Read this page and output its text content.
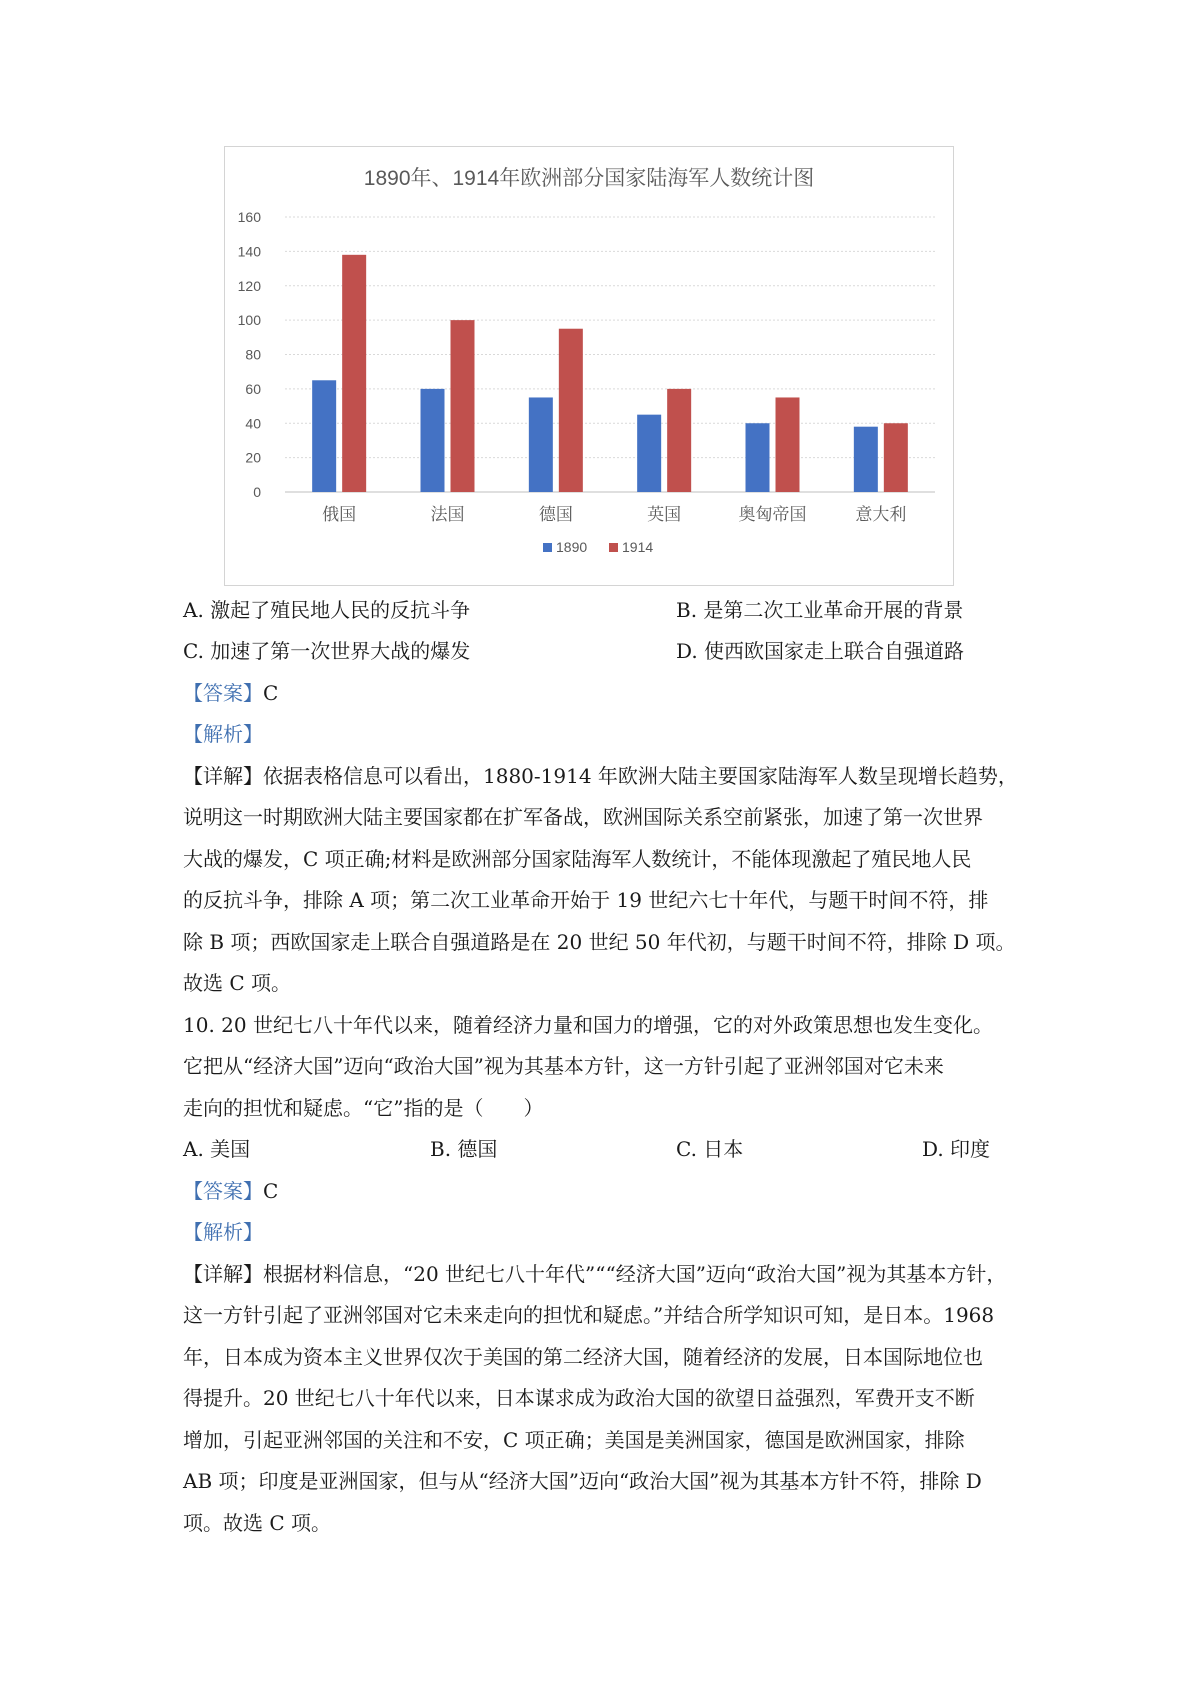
1890年、1914年欧洲部分国家陆海军人数统计图
0
20
40
60
80
100
120
140
160
俄国	法国	德国	英国	奥匈帝国	意大利
1890 1914
A. 激起了殖民地人民的反抗斗争	B. 是第二次工业革命开展的背景
C. 加速了第一次世界大战的爆发	D. 使西欧国家走上联合自强道路
【答案】C
【解析】
【详解】依据表格信息可以看出，1880-1914 年欧洲大陆主要国家陆海军人数呈现增长趋势，
说明这一时期欧洲大陆主要国家都在扩军备战，欧洲国际关系空前紧张，加速了第一次世界
大战的爆发，C 项正确;材料是欧洲部分国家陆海军人数统计，不能体现激起了殖民地人民
的反抗斗争，排除 A 项；第二次工业革命开始于 19 世纪六七十年代，与题干时间不符，排
除 B 项；西欧国家走上联合自强道路是在 20 世纪 50 年代初，与题干时间不符，排除 D 项。
故选 C 项。
10. 20 世纪七八十年代以来，随着经济力量和国力的增强，它的对外政策思想也发生变化。
它把从“经济大国”迈向“政治大国”视为其基本方针，这一方针引起了亚洲邻国对它未来
走向的担忧和疑虑。“它”指的是（　　）
A. 美国	B. 德国	C. 日本	D. 印度
【答案】C
【解析】
【详解】根据材料信息，“20 世纪七八十年代”““经济大国”迈向“政治大国”视为其基本方针，
这一方针引起了亚洲邻国对它未来走向的担忧和疑虑。”并结合所学知识可知，是日本。1968
年，日本成为资本主义世界仅次于美国的第二经济大国，随着经济的发展，日本国际地位也
得提升。20 世纪七八十年代以来，日本谋求成为政治大国的欲望日益强烈，军费开支不断
增加，引起亚洲邻国的关注和不安，C 项正确；美国是美洲国家，德国是欧洲国家，排除
AB 项；印度是亚洲国家，但与从“经济大国”迈向“政治大国”视为其基本方针不符，排除 D
项。故选 C 项。
